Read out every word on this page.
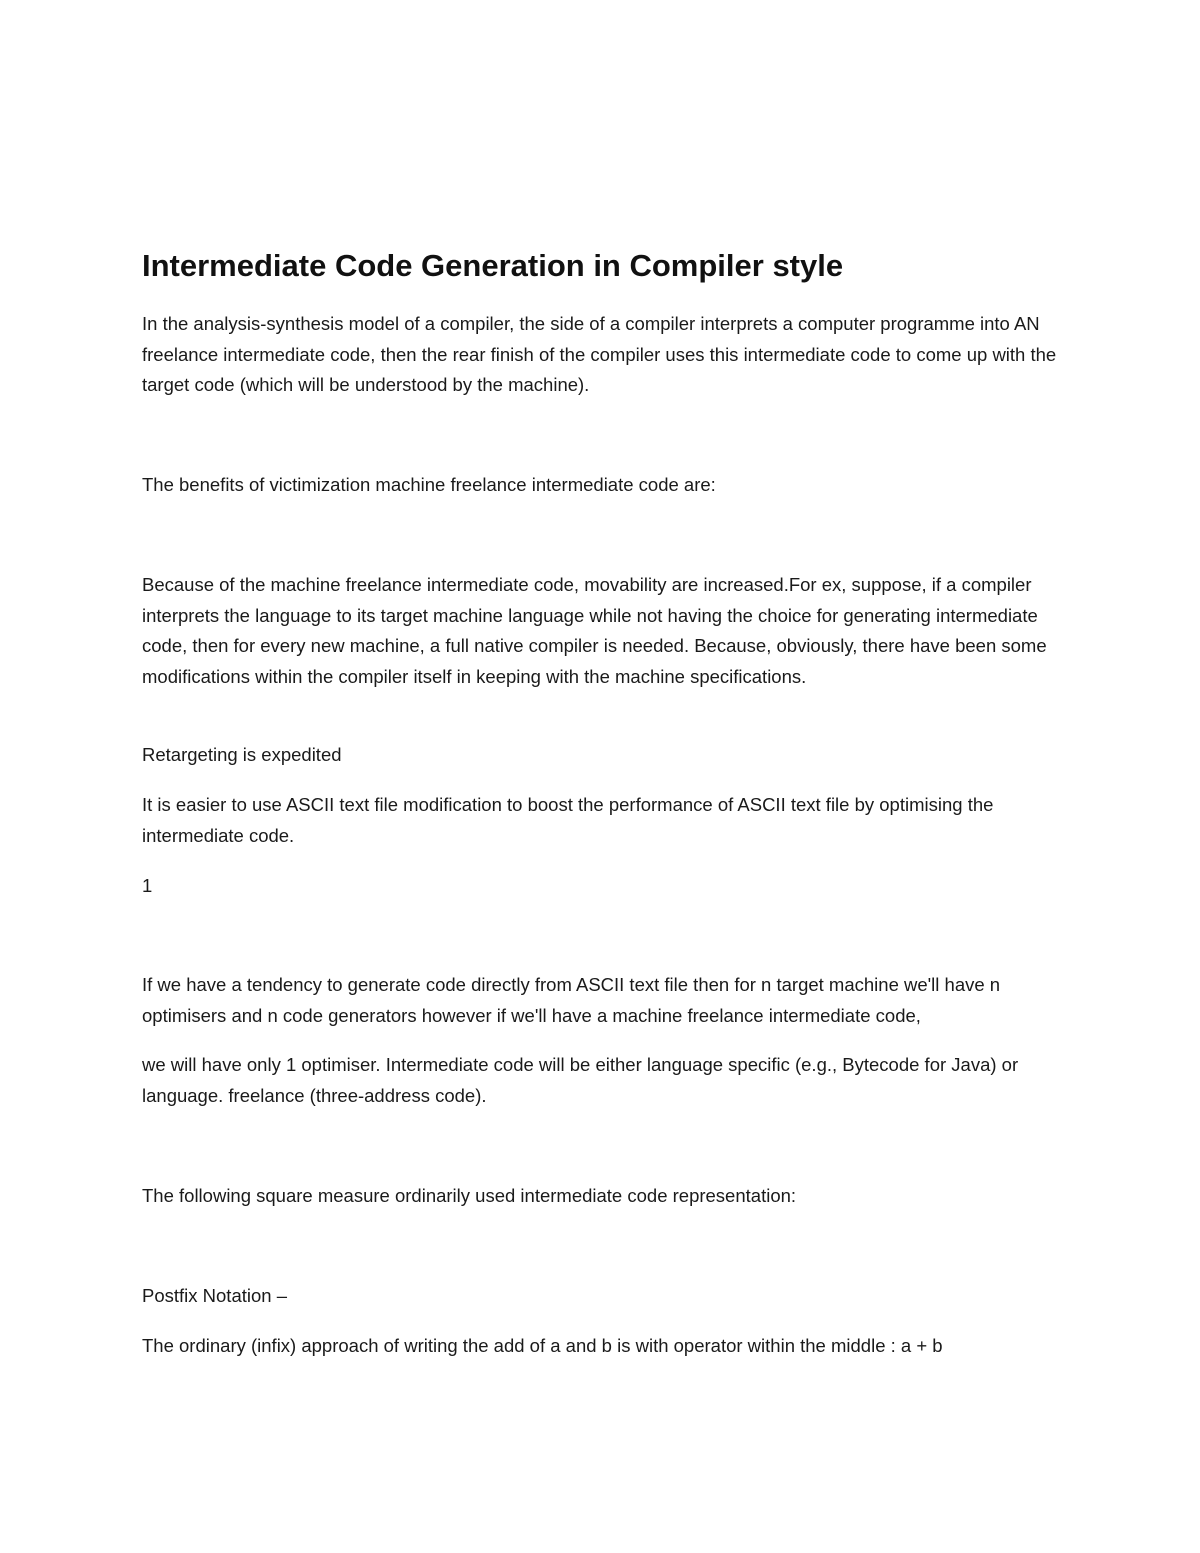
Intermediate Code Generation in Compiler style
In the analysis-synthesis model of a compiler, the side of a compiler interprets a computer programme into AN freelance intermediate code, then the rear finish of the compiler uses this intermediate code to come up with the target code (which will be understood by the machine).
The benefits of victimization machine freelance intermediate code are:
Because of the machine freelance intermediate code, movability are increased.For ex, suppose, if a compiler interprets the language to its target machine language while not having the choice for generating intermediate code, then for every new machine, a full native compiler is needed. Because, obviously, there have been some modifications within the compiler itself in keeping with the machine specifications.
Retargeting is expedited
It is easier to use ASCII text file modification to boost the performance of ASCII text file by optimising the intermediate code.
1
If we have a tendency to generate code directly from ASCII text file then for n target machine we'll have n optimisers and n code generators however if we'll have a machine freelance intermediate code,
we will have only 1 optimiser. Intermediate code will be either language specific (e.g., Bytecode for Java) or language. freelance (three-address code).
The following square measure ordinarily used intermediate code representation:
Postfix Notation –
The ordinary (infix) approach of writing the add of a and b is with operator within the middle : a + b
